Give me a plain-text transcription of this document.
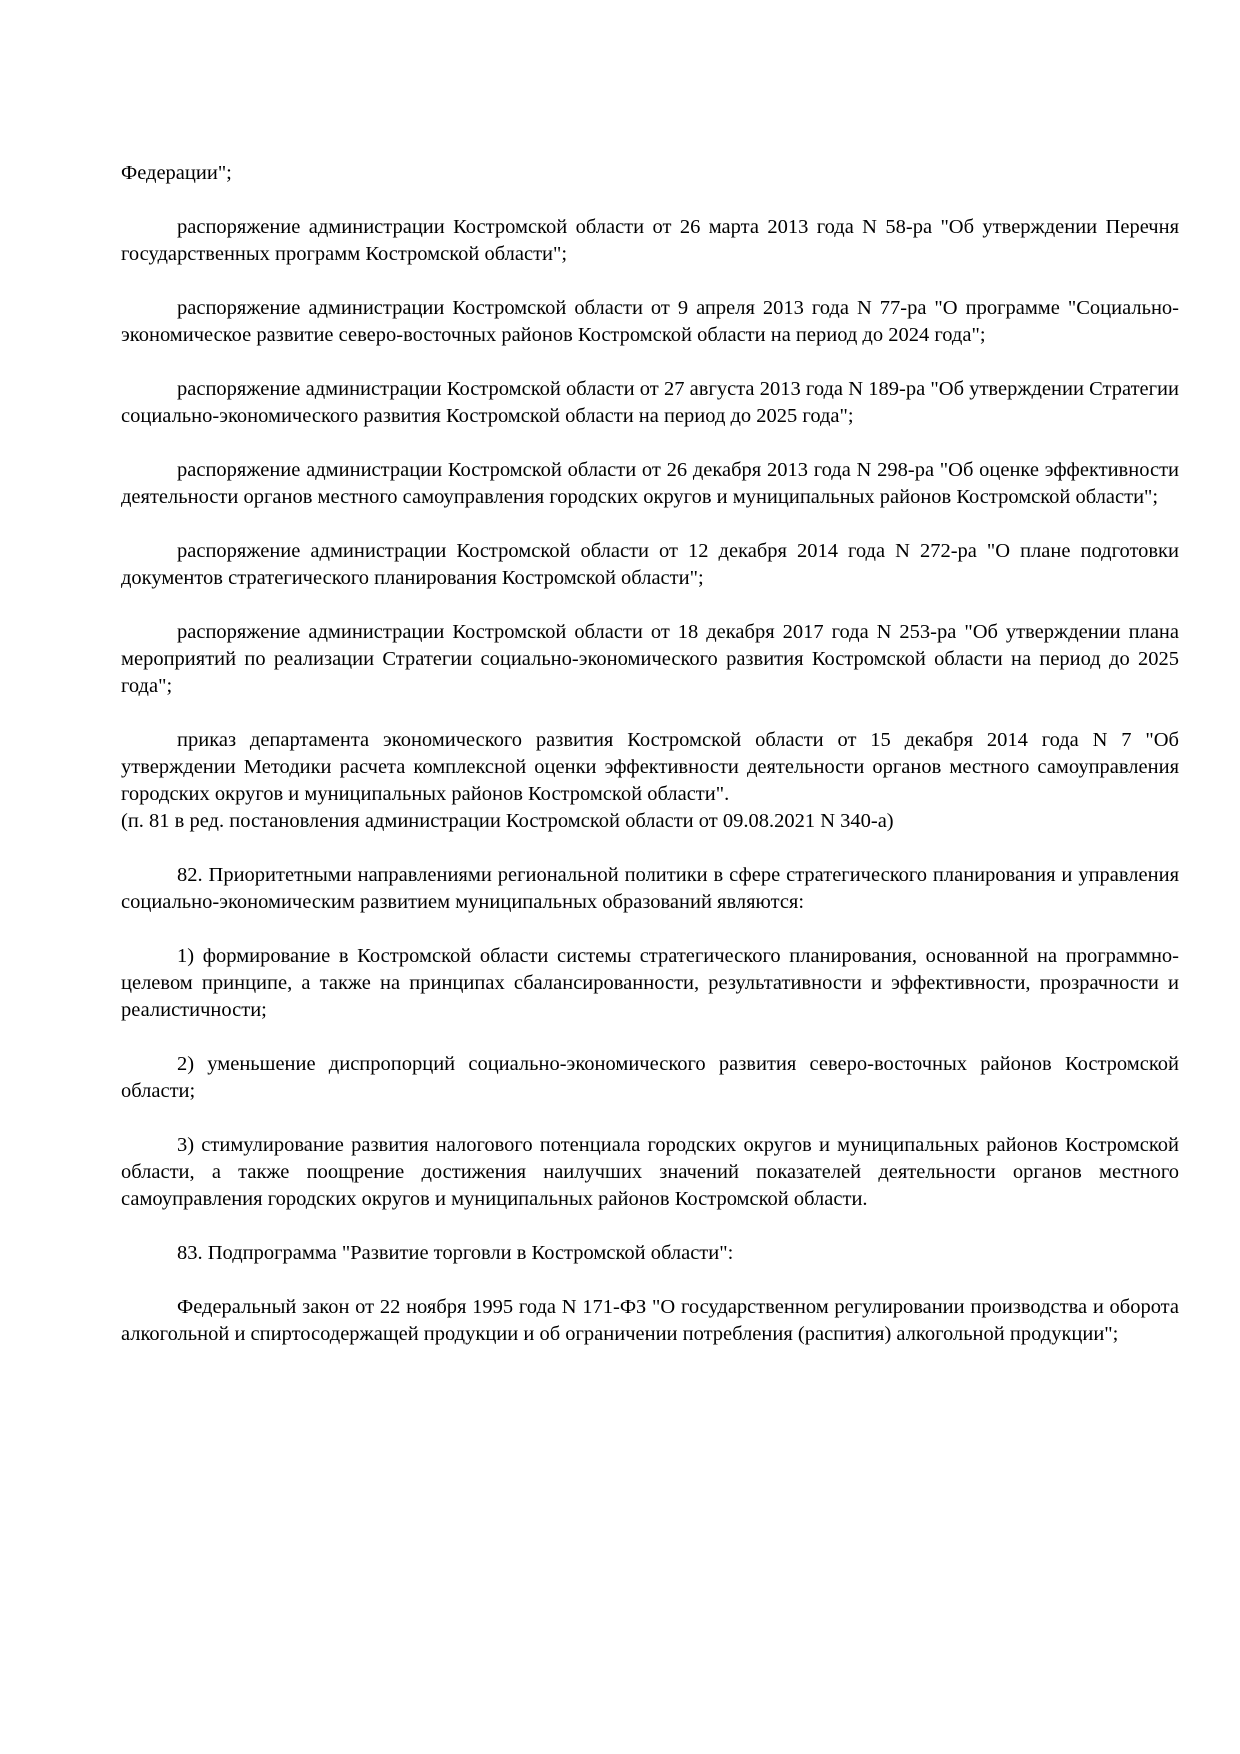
Федерации";

распоряжение администрации Костромской области от 26 марта 2013 года N 58-ра "Об утверждении Перечня государственных программ Костромской области";

распоряжение администрации Костромской области от 9 апреля 2013 года N 77-ра "О программе "Социально-экономическое развитие северо-восточных районов Костромской области на период до 2024 года";

распоряжение администрации Костромской области от 27 августа 2013 года N 189-ра "Об утверждении Стратегии социально-экономического развития Костромской области на период до 2025 года";

распоряжение администрации Костромской области от 26 декабря 2013 года N 298-ра "Об оценке эффективности деятельности органов местного самоуправления городских округов и муниципальных районов Костромской области";

распоряжение администрации Костромской области от 12 декабря 2014 года N 272-ра "О плане подготовки документов стратегического планирования Костромской области";

распоряжение администрации Костромской области от 18 декабря 2017 года N 253-ра "Об утверждении плана мероприятий по реализации Стратегии социально-экономического развития Костромской области на период до 2025 года";

приказ департамента экономического развития Костромской области от 15 декабря 2014 года N 7 "Об утверждении Методики расчета комплексной оценки эффективности деятельности органов местного самоуправления городских округов и муниципальных районов Костромской области".

(п. 81 в ред. постановления администрации Костромской области от 09.08.2021 N 340-а)

82. Приоритетными направлениями региональной политики в сфере стратегического планирования и управления социально-экономическим развитием муниципальных образований являются:

1) формирование в Костромской области системы стратегического планирования, основанной на программно-целевом принципе, а также на принципах сбалансированности, результативности и эффективности, прозрачности и реалистичности;

2) уменьшение диспропорций социально-экономического развития северо-восточных районов Костромской области;

3) стимулирование развития налогового потенциала городских округов и муниципальных районов Костромской области, а также поощрение достижения наилучших значений показателей деятельности органов местного самоуправления городских округов и муниципальных районов Костромской области.

83. Подпрограмма "Развитие торговли в Костромской области":

Федеральный закон от 22 ноября 1995 года N 171-ФЗ "О государственном регулировании производства и оборота алкогольной и спиртосодержащей продукции и об ограничении потребления (распития) алкогольной продукции";
